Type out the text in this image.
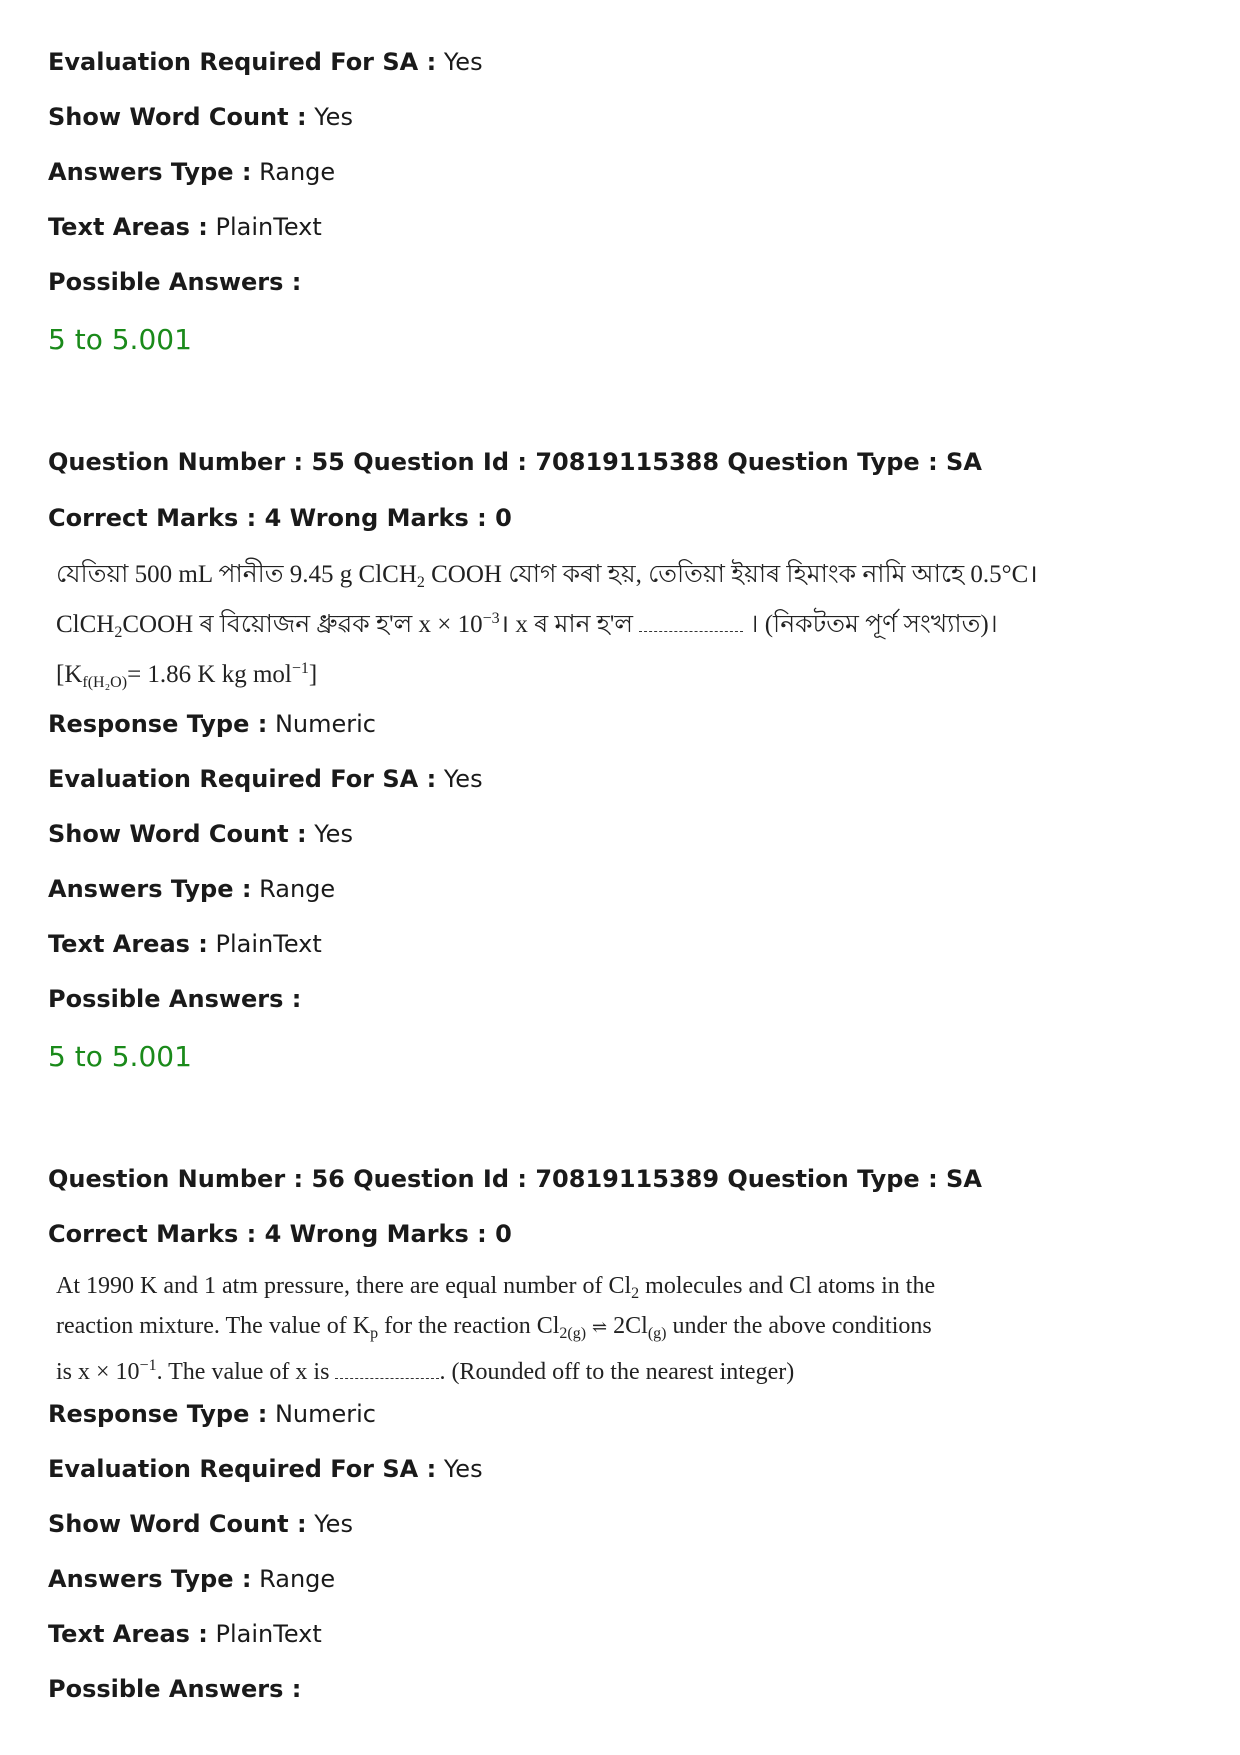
Evaluation Required For SA : Yes
Show Word Count : Yes
Answers Type : Range
Text Areas : PlainText
Possible Answers :
5 to 5.001
Question Number : 55 Question Id : 70819115388 Question Type : SA
Correct Marks : 4 Wrong Marks : 0
যেতিয়া 500 mL পানীত 9.45 g ClCH$_2$ COOH যোগ কৰা হয়, তেতিয়া ইয়াৰ হিমাংক নামি আহে 0.5°C।
ClCH$_2$COOH ৰ বিয়োজন ধ্ৰুৱক হ'ল $x \times 10^{-3}।$ x ৰ মান হ'ল	। (নিকটতম পূৰ্ণ সংখ্যাত)।
[$K_{f(H_2O)}= 1.86$ K kg mol$^{-1}$]
Response Type : Numeric
Evaluation Required For SA : Yes
Show Word Count : Yes
Answers Type : Range
Text Areas : PlainText
Possible Answers :
5 to 5.001
Question Number : 56 Question Id : 70819115389 Question Type : SA
Correct Marks : 4 Wrong Marks : 0
At 1990 K and 1 atm pressure, there are equal number of $Cl_2$ molecules and Cl atoms in the
reaction mixture. The value of $K_p$ for the reaction $Cl_{2(g)}$ ⇌ $2Cl_{(g)}$ under the above conditions
is $x \times 10^{-1}$. The value of x is	. (Rounded off to the nearest integer)
Response Type : Numeric
Evaluation Required For SA : Yes
Show Word Count : Yes
Answers Type : Range
Text Areas : PlainText
Possible Answers :
